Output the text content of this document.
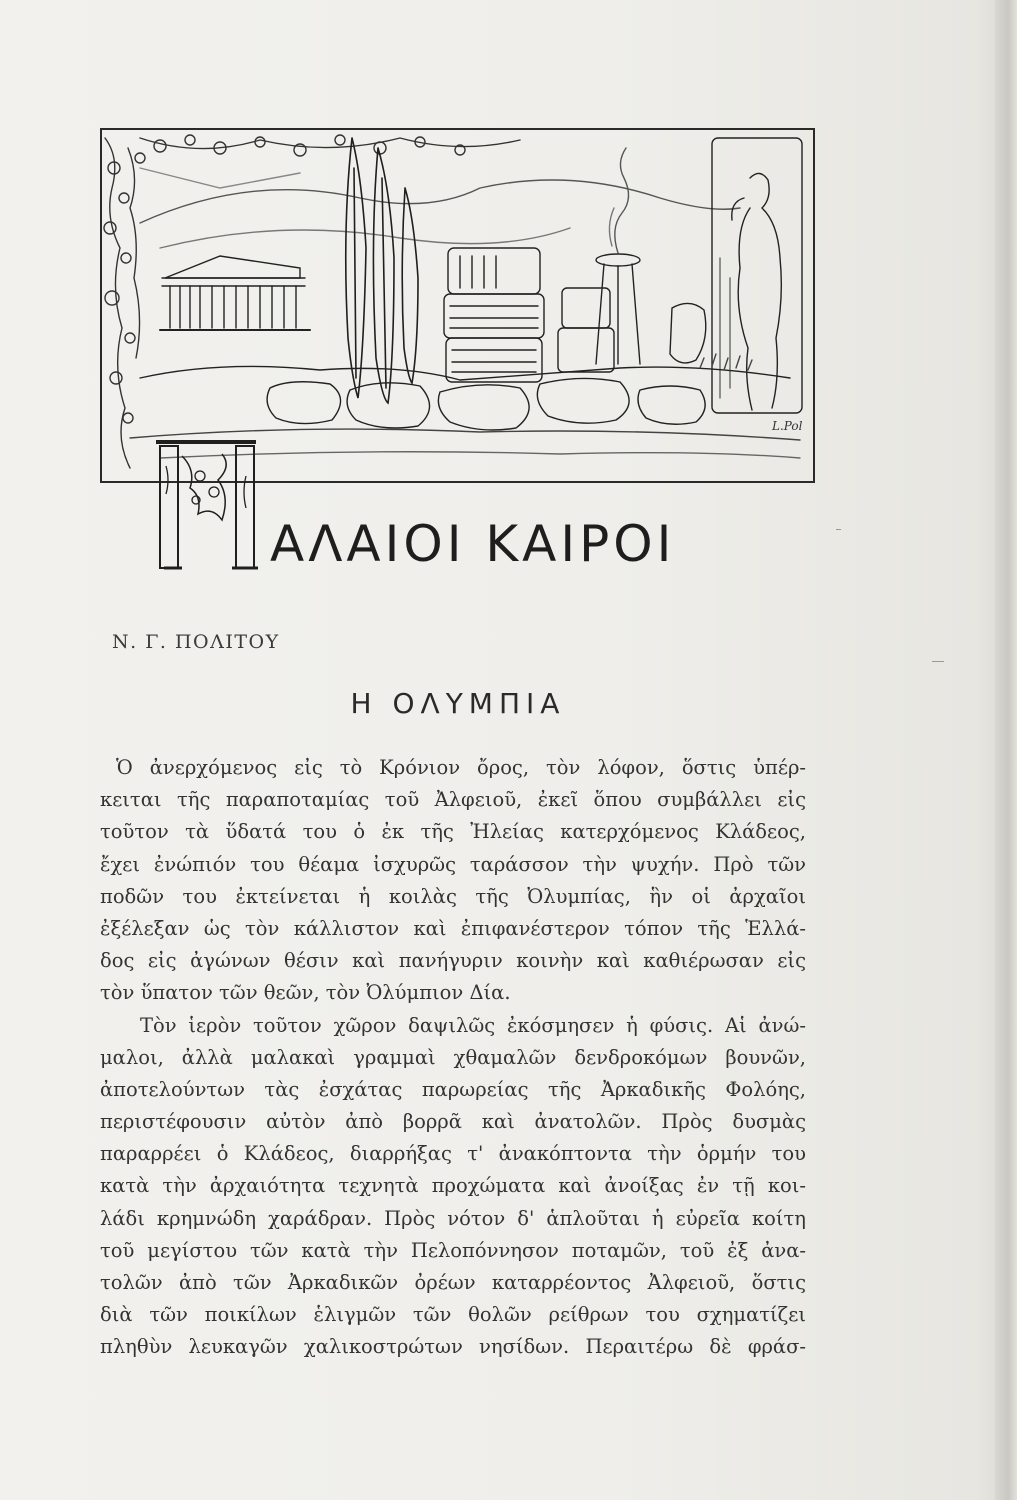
L.Pol
ΑΛΑΙΟΙ ΚΑΙΡΟΙ
Ν. Γ. ΠΟΛΙΤΟΥ
Η ΟΛΥΜΠΙΑ
Ὁ ἀνερχόμενος εἰς τὸ Κρόνιον ὄρος, τὸν λόφον, ὅστις ὑπέρ-
κειται τῆς παραποταμίας τοῦ Ἀλφειοῦ, ἐκεῖ ὅπου συμβάλλει εἰς
τοῦτον τὰ ὕδατά του ὁ ἐκ τῆς Ἠλείας κατερχόμενος Κλάδεος,
ἔχει ἐνώπιόν του θέαμα ἰσχυρῶς ταράσσον τὴν ψυχήν. Πρὸ τῶν
ποδῶν του ἐκτείνεται ἡ κοιλὰς τῆς Ὀλυμπίας, ἣν οἱ ἀρχαῖοι
ἐξέλεξαν ὡς τὸν κάλλιστον καὶ ἐπιφανέστερον τόπον τῆς Ἑλλά-
δος εἰς ἀγώνων θέσιν καὶ πανήγυριν κοινὴν καὶ καθιέρωσαν εἰς
τὸν ὕπατον τῶν θεῶν, τὸν Ὀλύμπιον Δία.
Τὸν ἱερὸν τοῦτον χῶρον δαψιλῶς ἐκόσμησεν ἡ φύσις. Αἱ ἀνώ-
μαλοι, ἀλλὰ μαλακαὶ γραμμαὶ χθαμαλῶν δενδροκόμων βουνῶν,
ἀποτελούντων τὰς ἐσχάτας παρωρείας τῆς Ἀρκαδικῆς Φολόης,
περιστέφουσιν αὐτὸν ἀπὸ βορρᾶ καὶ ἀνατολῶν. Πρὸς δυσμὰς
παραρρέει ὁ Κλάδεος, διαρρήξας τ' ἀνακόπτοντα τὴν ὁρμήν του
κατὰ τὴν ἀρχαιότητα τεχνητὰ προχώματα καὶ ἀνοίξας ἐν τῇ κοι-
λάδι κρημνώδη χαράδραν. Πρὸς νότον δ' ἁπλοῦται ἡ εὐρεῖα κοίτη
τοῦ μεγίστου τῶν κατὰ τὴν Πελοπόννησον ποταμῶν, τοῦ ἐξ ἀνα-
τολῶν ἀπὸ τῶν Ἀρκαδικῶν ὀρέων καταρρέοντος Ἀλφειοῦ, ὅστις
διὰ τῶν ποικίλων ἑλιγμῶν τῶν θολῶν ρείθρων του σχηματίζει
πληθὺν λευκαγῶν χαλικοστρώτων νησίδων. Περαιτέρω δὲ φράσ-
